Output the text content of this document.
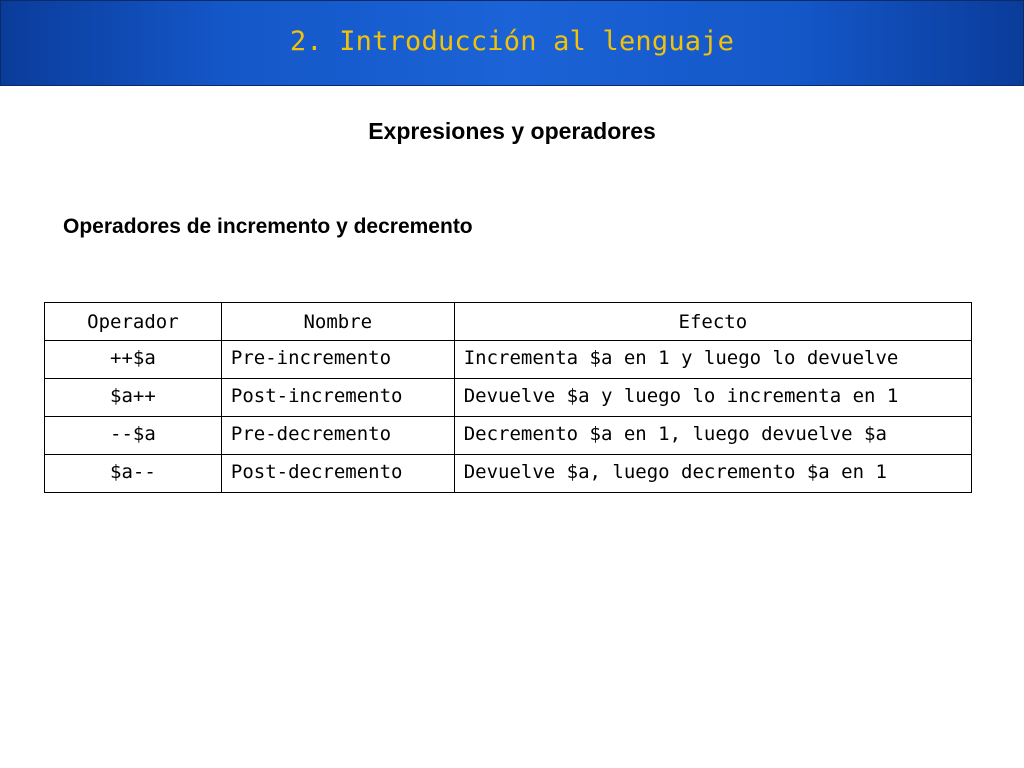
2. Introducción al lenguaje
Expresiones y operadores
Operadores de incremento y decremento
Operador	Nombre	Efecto
++$a	Pre-incremento	Incrementa $a en 1 y luego lo devuelve
$a++	Post-incremento	Devuelve $a y luego lo incrementa en 1
--$a	Pre-decremento	Decremento $a en 1, luego devuelve $a
$a--	Post-decremento	Devuelve $a, luego decremento $a en 1
